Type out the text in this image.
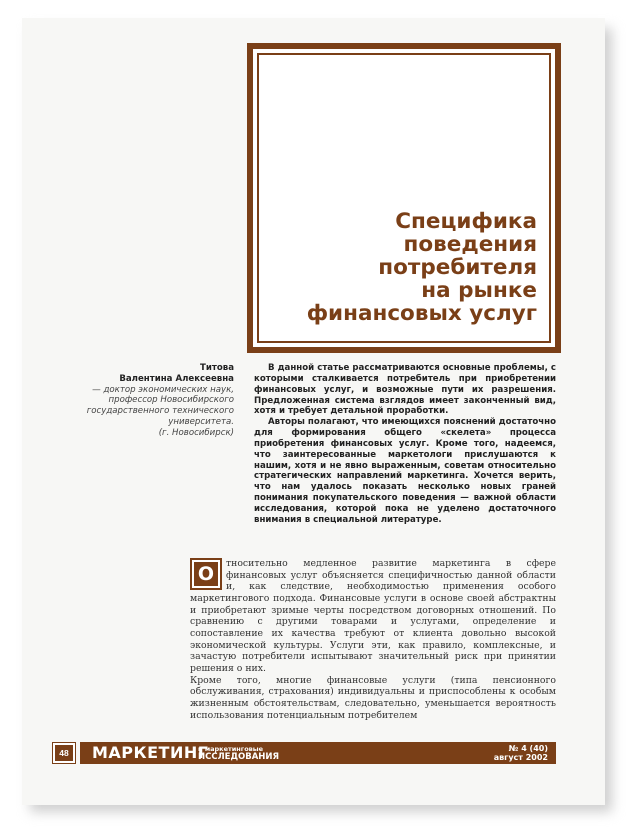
Специфика
поведения
потребителя
на рынке
финансовых услуг
Титова
Валентина Алексеевна
— доктор экономических наук,
профессор Новосибирского
государственного технического
университета.
(г. Новосибирск)

В данной статье рассматриваются основные проблемы, с которыми сталкивается потребитель при приобретении финансовых услуг, и возможные пути их разрешения. Предложенная система взглядов имеет законченный вид, хотя и требует детальной проработки.

Авторы полагают, что имеющихся пояснений достаточно для формирования общего «скелета» процесса приобретения финансовых услуг. Кроме того, надеемся, что заинтересованные маркетологи прислушаются к нашим, хотя и не явно выраженным, советам относительно стратегических направлений маркетинга. Хочется верить, что нам удалось показать несколько новых граней понимания покупательского поведения — важной области исследования, которой пока не уделено достаточного внимания в специальной литературе.

О	тносительно медленное развитие маркетинга в сфере финансовых услуг объясняется специфичностью данной области и, как следствие, необходимостью применения особого маркетингового подхода. Финансовые услуги в основе своей абстрактны и приобретают зримые черты посредством договорных отношений. По сравнению с другими товарами и услугами, определение и сопоставление их качества требуют от клиента довольно высокой экономической культуры. Услуги эти, как правило, комплексные, и зачастую потребители испытывают значительный риск при принятии решения о них.

Кроме того, многие финансовые услуги (типа пенсионного обслуживания, страхования) индивидуальны и приспособлены к особым жизненным обстоятельствам, следовательно, уменьшается вероятность использования потенциальным потребителем

48 МАРКЕТИНГ
и маркетинговые
ИССЛЕДОВАНИЯ
№ 4 (40)
август 2002
